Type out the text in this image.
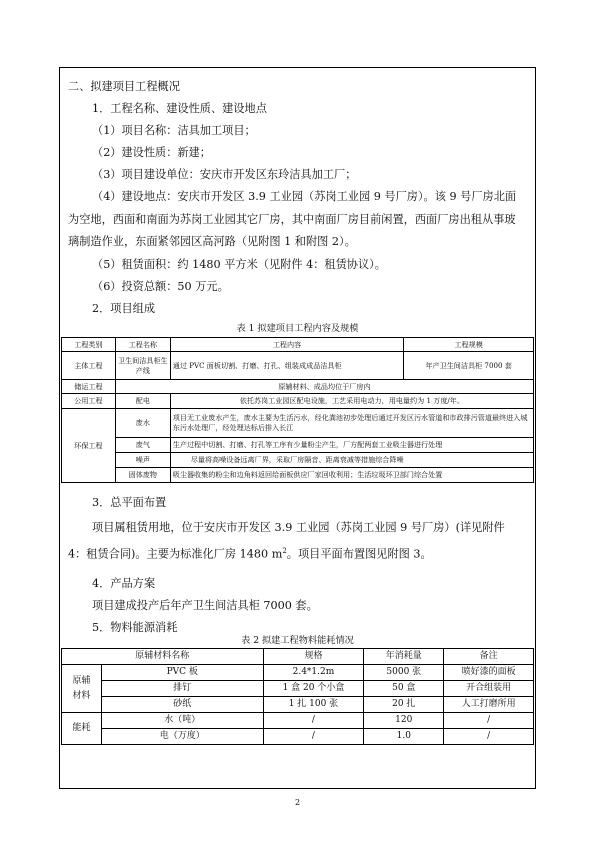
二、拟建项目工程概况
1．工程名称、建设性质、建设地点
（1）项目名称：洁具加工项目；
（2）建设性质：新建；
（3）项目建设单位：安庆市开发区东玲洁具加工厂；
（4）建设地点：安庆市开发区 3.9 工业园（苏岗工业园 9 号厂房）。该 9 号厂房北面为空地，西面和南面为苏岗工业园其它厂房，其中南面厂房目前闲置，西面厂房出租从事玻璃制造作业，东面紧邻园区高河路（见附图 1 和附图 2）。
（5）租赁面积：约 1480 平方米（见附件 4：租赁协议）。
（6）投资总额：50 万元。
2．项目组成
表 1 拟建项目工程内容及规模
工程类别	工程名称	工程内容	工程规模
主体工程	卫生间洁具柜生产线	通过 PVC 面板切割、打磨、打孔、组装成成品洁具柜	年产卫生间洁具柜 7000 套
储运工程	原辅材料、成品均位于厂房内		
公用工程	配电	依托苏岗工业园区配电设施，工艺采用电动力，用电量约为 1 万度/年。	
环保工程	废水	项目无工业废水产生，废水主要为生活污水，经化粪池初步处理后通过开发区污水管道和市政排污管道最终进入城东污水处理厂，经处理达标后排入长江	
	废气	生产过程中切割、打磨、打孔等工序有少量粉尘产生，厂方配两套工业吸尘器进行处理	
	噪声	尽量将高噪设备远离厂界，采取厂房隔音、距离衰减等措施综合降噪	
	固体废物	吸尘器收集的粉尘和边角料返回给面板供应厂家回收利用；生活垃圾环卫部门综合处置	
3．总平面布置
项目属租赁用地，位于安庆市开发区 3.9 工业园（苏岗工业园 9 号厂房）(详见附件 4：租赁合同)。主要为标准化厂房 1480 $m^2$。项目平面布置图见附图 3。
4．产品方案
项目建成投产后年产卫生间洁具柜 7000 套。
5．物料能源消耗
表 2 拟建工程物料能耗情况
原辅材料名称		规格	年消耗量	备注
原辅材料	PVC 板	2.4*1.2m	5000 张	喷好漆的面板
	排钉	1 盒 20 个小盒	50 盒	开合组装用
	砂纸	1 扎 100 张	20 扎	人工打磨所用
能耗	水（吨）	/	120	/
	电（万度）	/	1.0	/
2
